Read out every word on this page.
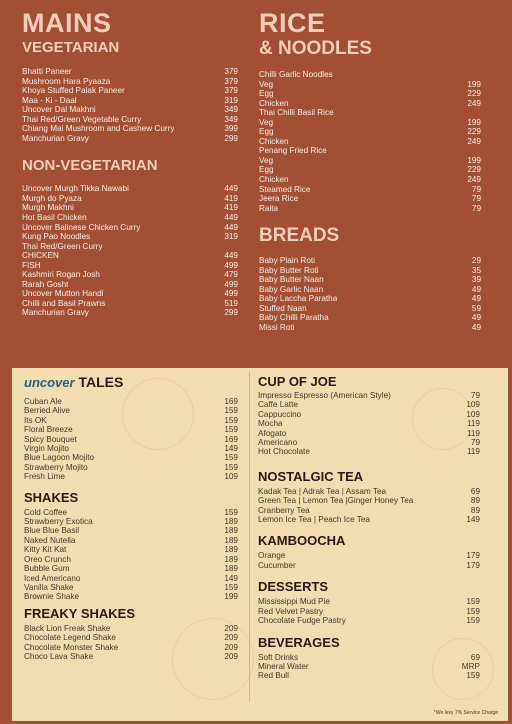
MAINS
VEGETARIAN
Bhatti Paneer	379
Mushroom Hara Pyaaza	379
Khoya Stuffed Palak Paneer	379
Maa - Ki - Daal	319
Uncover Dal Makhni	349
Thai Red/Green Vegetable Curry	349
Chiang Mai Mushroom and Cashew Curry	399
Manchurian Gravy	299
NON-VEGETARIAN
Uncover Murgh Tikka Nawabi	449
Murgh do Pyaza	419
Murgh Makhni	419
Hot Basil Chicken	449
Uncover Balinese Chicken Curry	449
Kung Pao Noodles	319
Thai Red/Green Curry
CHICKEN	449
FISH	499
Kashmiri Rogan Josh	479
Rarah Gosht	499
Uncover Mutton Handi	499
Chilli and Basil Prawns	519
Manchurian Gravy	299
RICE
& NOODLES
Chilli Garlic Noodles
Veg	199
Egg	229
Chicken	249
Thai Chilli Basil Rice
Veg	199
Egg	229
Chicken	249
Penang Fried Rice
Veg	199
Egg	229
Chicken	249
Steamed Rice	79
Jeera Rice	79
Raita	79
BREADS
Baby Plain Roti	29
Baby Butter Roti	35
Baby Butter Naan	39
Baby Garlic Naan	49
Baby Laccha Paratha	49
Stuffed Naan	59
Baby Chilli Paratha	49
Missi Roti	49
uncover TALES
Cuban Ale	169
Berried Alive	159
Its OK	159
Floral Breeze	159
Spicy Bouquet	169
Virgin Mojito	149
Blue Lagoon Mojito	159
Strawberry Mojito	159
Fresh Lime	109
SHAKES
Cold Coffee	159
Strawberry Exotica	189
Blue Blue Basil	189
Naked Nutella	189
Kitty Kit Kat	189
Oreo Crunch	189
Bubble Gum	189
Iced Americano	149
Vanilla Shake	159
Brownie Shake	199
FREAKY SHAKES
Black Lion Freak Shake	209
Chocolate Legend Shake	209
Chocolate Monster Shake	209
Choco Lava Shake	209
CUP OF JOE
Impresso Espresso (American Style)	79
Caffe Latte	109
Cappuccino	109
Mocha	119
Afogato	119
Americano	79
Hot Chocolate	119
NOSTALGIC TEA
Kadak Tea | Adrak Tea | Assam Tea	69
Green Tea | Lemon Tea |Ginger Honey Tea	89
Cranberry Tea	89
Lemon Ice Tea | Peach Ice Tea	149
KAMBOOCHA
Orange	179
Cucumber	179
DESSERTS
Mississippi Mud Pie	159
Red Velvet Pastry	159
Chocolate Fudge Pastry	159
BEVERAGES
Soft Drinks	69
Mineral Water	MRP
Red Bull	159
*We levy 7% Service Charge
